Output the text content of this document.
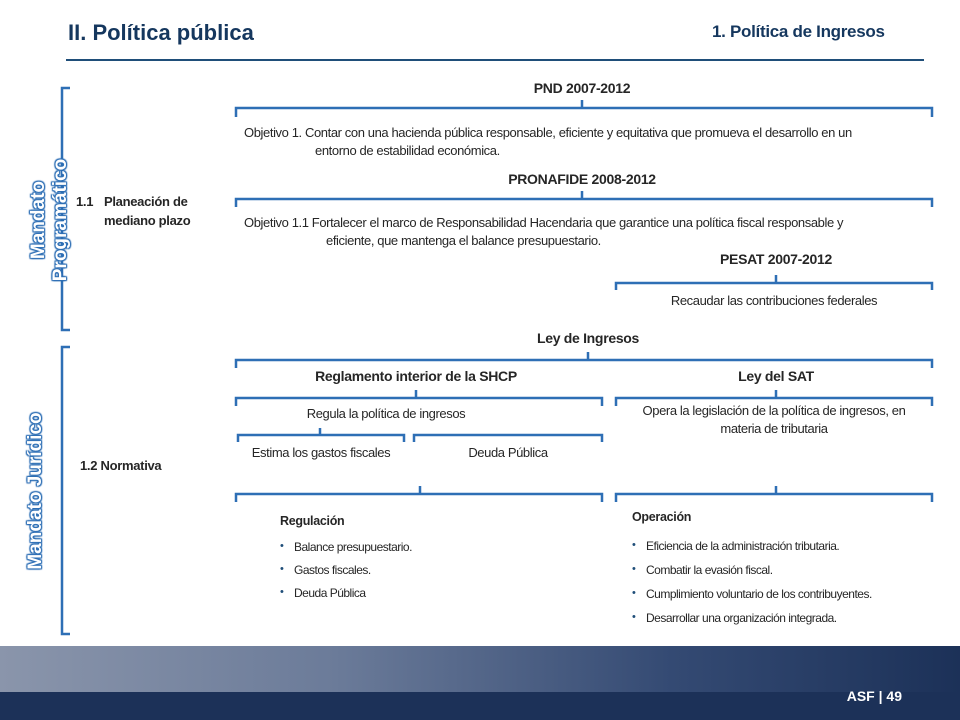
II. Política pública	1. Política de Ingresos
Mandato Programático
Mandato Jurídico
1.1 Planeación de
mediano plazo
1.2 Normativa
PND 2007-2012
Objetivo 1. Contar con una hacienda pública responsable, eficiente y equitativa que promueva el desarrollo en un
entorno de estabilidad económica.
PRONAFIDE 2008-2012
Objetivo 1.1 Fortalecer el marco de Responsabilidad Hacendaria que garantice una política fiscal responsable y
eficiente, que mantenga el balance presupuestario.
PESAT 2007-2012
Recaudar las contribuciones federales
Ley de Ingresos
Reglamento interior de la SHCP
Regula la política de ingresos
Estima los gastos fiscales	Deuda Pública
Ley del SAT
Opera la legislación de la política de ingresos, en
materia de tributaria
Regulación
• Balance presupuestario.
• Gastos fiscales.
• Deuda Pública
Operación
• Eficiencia de la administración tributaria.
• Combatir la evasión fiscal.
• Cumplimiento voluntario de los contribuyentes.
• Desarrollar una organización integrada.
ASF | 49
